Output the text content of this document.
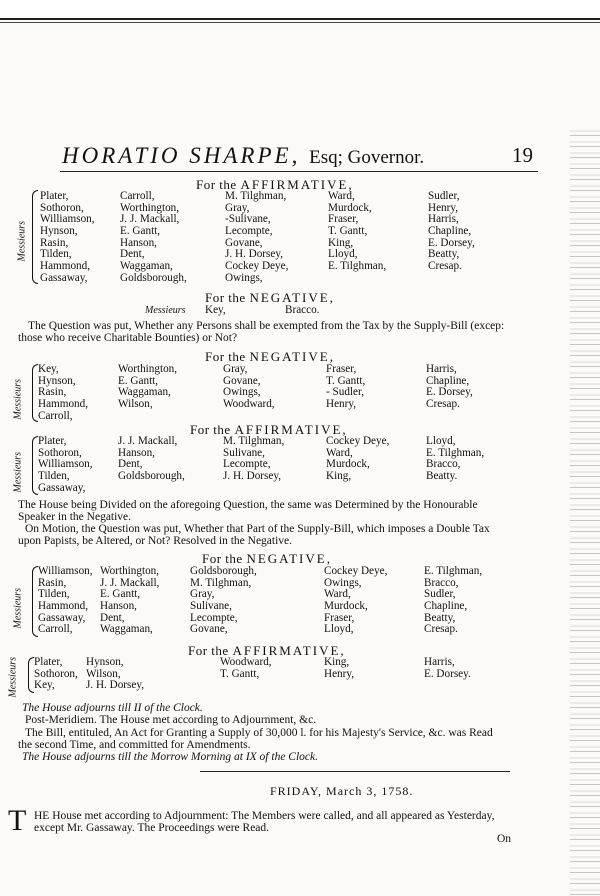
HORATIO SHARPE, Esq; Governor.	19
For the AFFIRMATIVE,
Messieurs
Plater,
Sothoron,
Williamson,
Hynson,
Rasin,
Tilden,
Hammond,
Gassaway,
Carroll,
Worthington,
J. J. Mackall,
E. Gantt,
Hanson,
Dent,
Waggaman,
Goldsborough,
M. Tilghman,
Gray,
-Sulivane,
Lecompte,
Govane,
J. H. Dorsey,
Cockey Deye,
Owings,
Ward,
Murdock,
Fraser,
T. Gantt,
King,
Lloyd,
E. Tilghman,
Sudler,
Henry,
Harris,
Chapline,
E. Dorsey,
Beatty,
Cresap.
For the NEGATIVE,
Messieurs Key,	Bracco.
The Question was put, Whether any Persons shall be exempted from the Tax by the Supply-Bill (excep:
those who receive Charitable Bounties) or Not?
For the NEGATIVE,
Messieurs
Key,
Hynson,
Rasin,
Hammond,
Carroll,
Worthington,
E. Gantt,
Waggaman,
Wilson,
Gray,
Govane,
Owings,
Woodward,
Fraser,
T. Gantt,
- Sudler,
Henry,
Harris,
Chapline,
E. Dorsey,
Cresap.
For the AFFIRMATIVE,
Messieurs
Plater,
Sothoron,
Williamson,
Tilden,
Gassaway,
J. J. Mackall,
Hanson,
Dent,
Goldsborough,
M. Tilghman,
Sulivane,
Lecompte,
J. H. Dorsey,
Cockey Deye,
Ward,
Murdock,
King,
Lloyd,
E. Tilghman,
Bracco,
Beatty.
The House being Divided on the aforegoing Question, the same was Determined by the Honourable
Speaker in the Negative.
On Motion, the Question was put, Whether that Part of the Supply-Bill, which imposes a Double Tax
upon Papists, be Altered, or Not? Resolved in the Negative.
For the NEGATIVE,
Messieurs
Williamson,
Rasin,
Tilden,
Hammond,
Gassaway,
Carroll,
Worthington,
J. J. Mackall,
E. Gantt,
Hanson,
Dent,
Waggaman,
Goldsborough,
M. Tilghman,
Gray,
Sulivane,
Lecompte,
Govane,
Cockey Deye,
Owings,
Ward,
Murdock,
Fraser,
Lloyd,
E. Tilghman,
Bracco,
Sudler,
Chapline,
Beatty,
Cresap.
For the AFFIRMATIVE,
Messieurs Plater,
Sothoron,
Key,
Hynson,
Wilson,
J. H. Dorsey,
Woodward,
T. Gantt,
King,
Henry,
Harris,
E. Dorsey.
The House adjourns till II of the Clock.
Post-Meridiem. The House met according to Adjournment, &c.
The Bill, entituled, An Act for Granting a Supply of 30,000 l. for his Majesty's Service, &c. was Read
the second Time, and committed for Amendments.
The House adjourns till the Morrow Morning at IX of the Clock.
FRIDAY, March 3, 1758.
T HE House met according to Adjournment: The Members were called, and all appeared as Yesterday,
except Mr. Gassaway. The Proceedings were Read.
On
